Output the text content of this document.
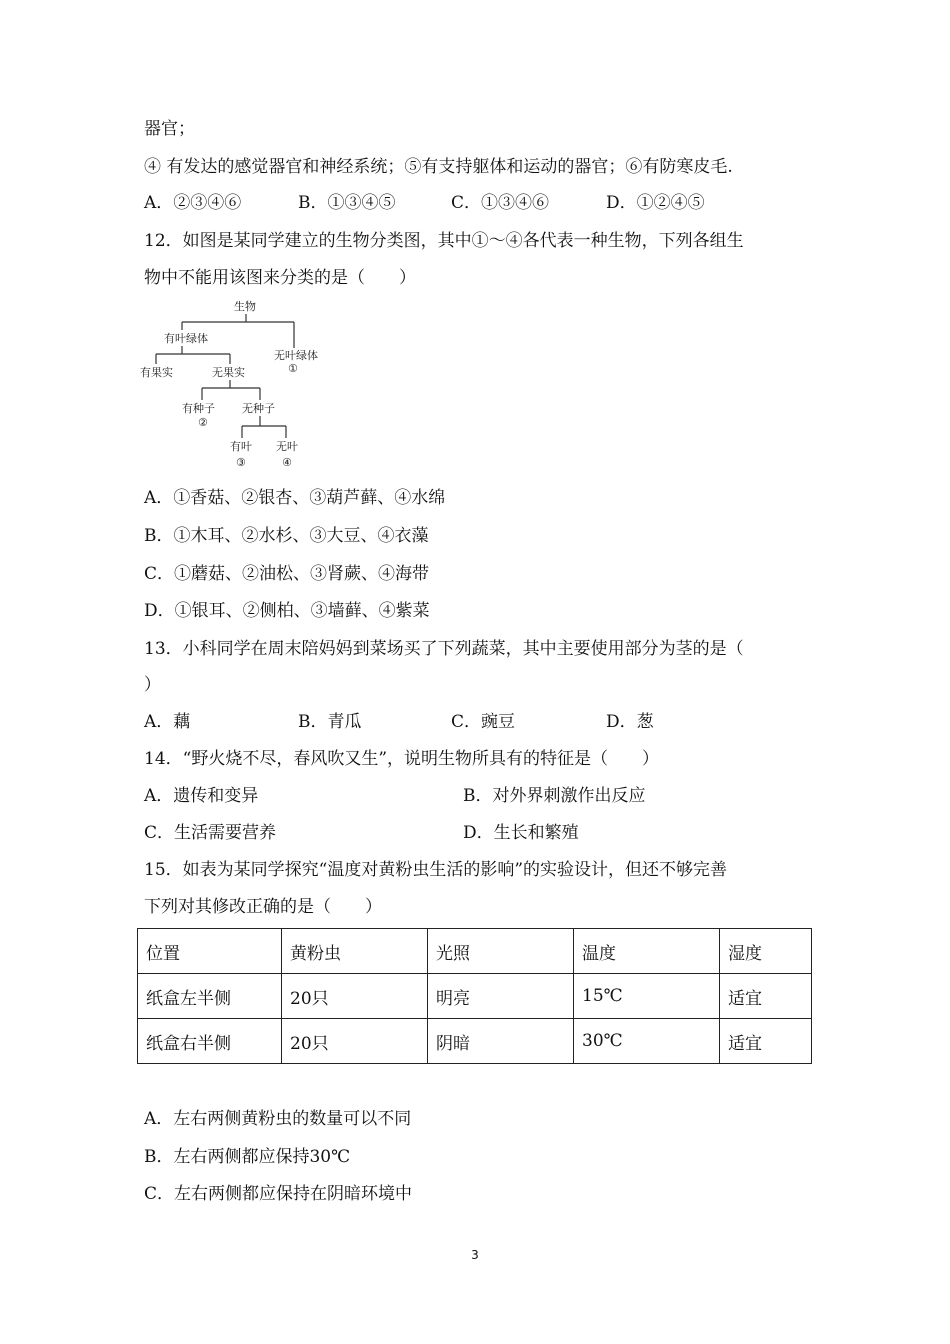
器官；
④ 有发达的感觉器官和神经系统；⑤有支持躯体和运动的器官；⑥有防寒皮毛.
A．②③④⑥	B．①③④⑤	C．①③④⑥	D．①②④⑤
12．如图是某同学建立的生物分类图，其中①～④各代表一种生物，下列各组生
物中不能用该图来分类的是（　　）
生物
有叶绿体
无叶绿体
①
有果实	无果实
有种子
②
无种子
有叶
③
无叶
④
A．①香菇、②银杏、③葫芦藓、④水绵
B．①木耳、②水杉、③大豆、④衣藻
C．①蘑菇、②油松、③肾蕨、④海带
D．①银耳、②侧柏、③墙藓、④紫菜
13．小科同学在周末陪妈妈到菜场买了下列蔬菜，其中主要使用部分为茎的是（
）
A．藕	B．青瓜	C．豌豆	D．葱
14．“野火烧不尽，春风吹又生”，说明生物所具有的特征是（　　）
A．遗传和变异	B．对外界刺激作出反应
C．生活需要营养	D．生长和繁殖
15．如表为某同学探究“温度对黄粉虫生活的影响”的实验设计，但还不够完善
下列对其修改正确的是（　　）
位置	黄粉虫	光照	温度	湿度
纸盒左半侧	20只	明亮	15℃	适宜
纸盒右半侧	20只	阴暗	30℃	适宜
A．左右两侧黄粉虫的数量可以不同
B．左右两侧都应保持30℃
C．左右两侧都应保持在阴暗环境中
3
